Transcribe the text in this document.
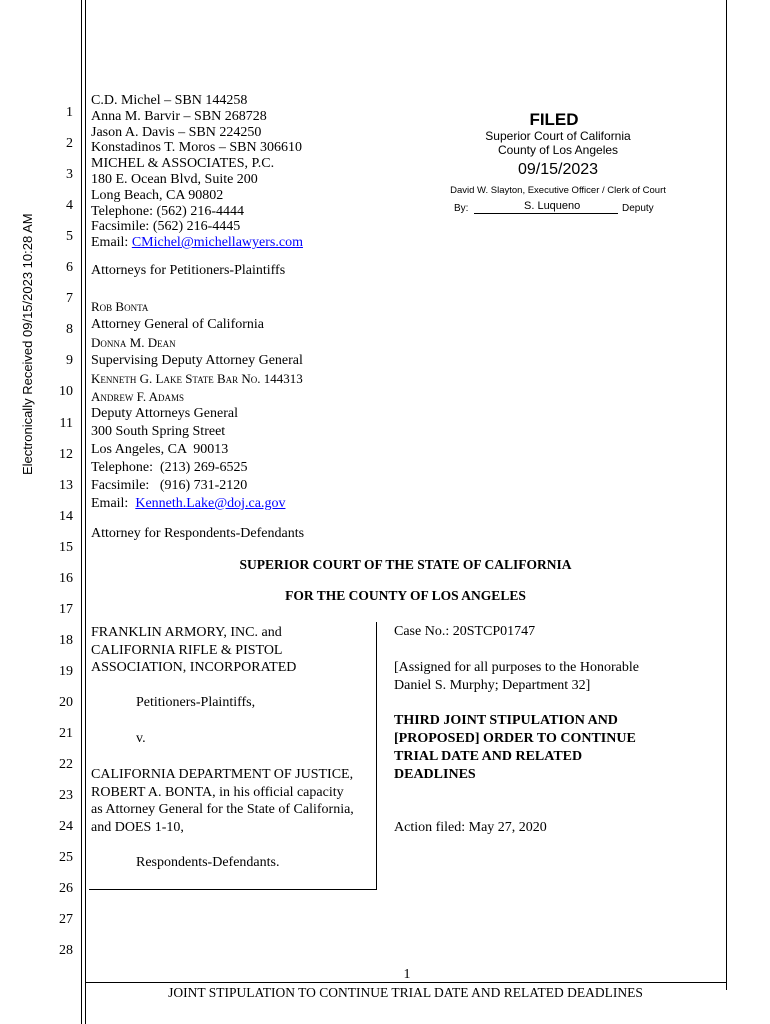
Electronically Received 09/15/2023 10:28 AM
1
2
3
4
5
6
7
8
9
10
11
12
13
14
15
16
17
18
19
20
21
22
23
24
25
26
27
28
C.D. Michel – SBN 144258
Anna M. Barvir – SBN 268728
Jason A. Davis – SBN 224250
Konstadinos T. Moros – SBN 306610
MICHEL & ASSOCIATES, P.C.
180 E. Ocean Blvd, Suite 200
Long Beach, CA 90802
Telephone: (562) 216-4444
Facsimile: (562) 216-4445
Email: CMichel@michellawyers.com
Attorneys for Petitioners-Plaintiffs
FILED
Superior Court of California
County of Los Angeles
09/15/2023
David W. Slayton, Executive Officer / Clerk of Court
By:	S. Luqueno	Deputy
Rob Bonta
Attorney General of California
Donna M. Dean
Supervising Deputy Attorney General
Kenneth G. Lake State Bar No. 144313
Andrew F. Adams
Deputy Attorneys General
300 South Spring Street
Los Angeles, CA  90013
Telephone:  (213) 269-6525
Facsimile:   (916) 731-2120
Email:  Kenneth.Lake@doj.ca.gov
Attorney for Respondents-Defendants
SUPERIOR COURT OF THE STATE OF CALIFORNIA
FOR THE COUNTY OF LOS ANGELES
FRANKLIN ARMORY, INC. and
CALIFORNIA RIFLE & PISTOL
ASSOCIATION, INCORPORATED
Petitioners-Plaintiffs,
v.
CALIFORNIA DEPARTMENT OF JUSTICE,
ROBERT A. BONTA, in his official capacity
as Attorney General for the State of California,
and DOES 1-10,
Respondents-Defendants.
Case No.: 20STCP01747
[Assigned for all purposes to the Honorable
Daniel S. Murphy; Department 32]
THIRD JOINT STIPULATION AND
[PROPOSED] ORDER TO CONTINUE
TRIAL DATE AND RELATED
DEADLINES
Action filed: May 27, 2020
1
JOINT STIPULATION TO CONTINUE TRIAL DATE AND RELATED DEADLINES
